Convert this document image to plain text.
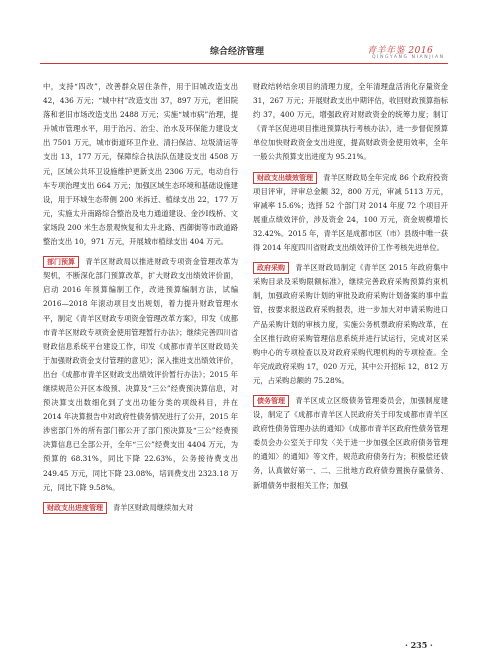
综合经济管理	青羊年鉴 2016
QINGYANG NIANJIAN

中，支持“四改”，改善群众居住条件，用于旧城改造支出 42，436 万元；“城中村”改造支出 37，897 万元，老旧院落和老旧市场改造支出 2488 万元；实施“城市病”治理，提升城市管理水平，用于治污、治尘、治水及环保能力建设支出 7501 万元，城市街道环卫作业、清扫保洁、垃圾清运等支出 13，177 万元，保障综合执法队伍建设支出 4508 万元，区域公共环卫设施维护更新支出 2306 万元，电动自行车专项治理支出 664 万元；加强区域生态环境和基础设施建设，用于环城生态带侧 200 米拆迁、植绿支出 22，177 万元，实施太升南路综合整治及电力通道建设、金沙Ⅰ线桥、文家场段 200 米生态景观恢复和太升北路、西御街等市政道路整治支出 10，971 万元，开展城市植绿支出 404 万元。

部门预算 青羊区财政局以推进财政专项资金管理改革为契机，不断深化部门预算改革，扩大财政支出绩效评价面，启动 2016 年预算编制工作，改进预算编制方法，试编 2016—2018 年滚动项目支出规划，着力提升财政管理水平，制定《青羊区财政专项资金管理改革方案》，印发《成都市青羊区财政专项资金使用管理暂行办法》；继续完善四川省财政信息系统平台建设工作，印发《成都市青羊区财政局关于加强财政资金支付管理的意见》；深入推进支出绩效评价，出台《成都市青羊区财政支出绩效评价暂行办法》；2015 年继续规范公开区本级预、决算及“三公”经费预决算信息，对预决算支出数细化到了支出功能分类的项级科目，并在 2014 年决算报告中对政府性债务情况进行了公开，2015 年涉密部门外的所有部门都公开了部门预决算及“三公”经费预决算信息已全部公开，全年“三公”经费支出 4404 万元，为预算的 68.31%，同比下降 22.63%，公务接待费支出 249.45 万元，同比下降 23.08%，培训费支出 2323.18 万元，同比下降 9.58%。

财政支出进度管理 青羊区财政局继续加大对

财政结转结余项目的清理力度，全年清理盘活消化存量资金 31，267 万元；开展财政支出中期评估，收回财政预算指标约 37，400 万元，增强政府对财政资金的统筹力度；制订《青羊区促进项目推进预算执行考核办法》，进一步督促预算单位加快财政资金支出进度，提高财政资金使用效率，全年一般公共预算支出进度为 95.21%。

财政支出绩效管理 青羊区财政局全年完成 86 个政府投资项目评审，评审总金额 32，800 万元，审减 5113 万元，审减率 15.6%；选择 52 个部门对 2014 年度 72 个项目开展重点绩效评价，涉及资金 24，100 万元，资金规模增长 32.42%。2015 年，青羊区是成都市区（市）县级中唯一获得 2014 年度四川省财政支出绩效评价工作考核先进单位。

政府采购 青羊区财政局制定《青羊区 2015 年政府集中采购目录及采购限额标准》，继续完善政府采购预算约束机制，加强政府采购计划的审批及政府采购计划备案的事中监管，按要求报送政府采购报表，进一步加大对申请采购进口产品采购计划的审核力度，实施公务机票政府采购改革，在全区推行政府采购管理信息系统并进行试运行，完成对区采购中心的专项检查以及对政府采购代理机构的专项检查。全年完成政府采购 17，020 万元，其中公开招标 12，812 万元，占采购总额的 75.28%。

债务管理 青羊区成立区级债务管理委员会，加强制度建设，制定了《成都市青羊区人民政府关于印发成都市青羊区政府性债务管理办法的通知》《成都市青羊区政府性债务管理委员会办公室关于印发〈关于进一步加强全区政府债务管理的通知〉的通知》等文件，规范政府债务行为；积极偿还债务，认真做好第一、二、三批地方政府债券置换存量债务、新增债务申报相关工作；加强

· 235 ·
